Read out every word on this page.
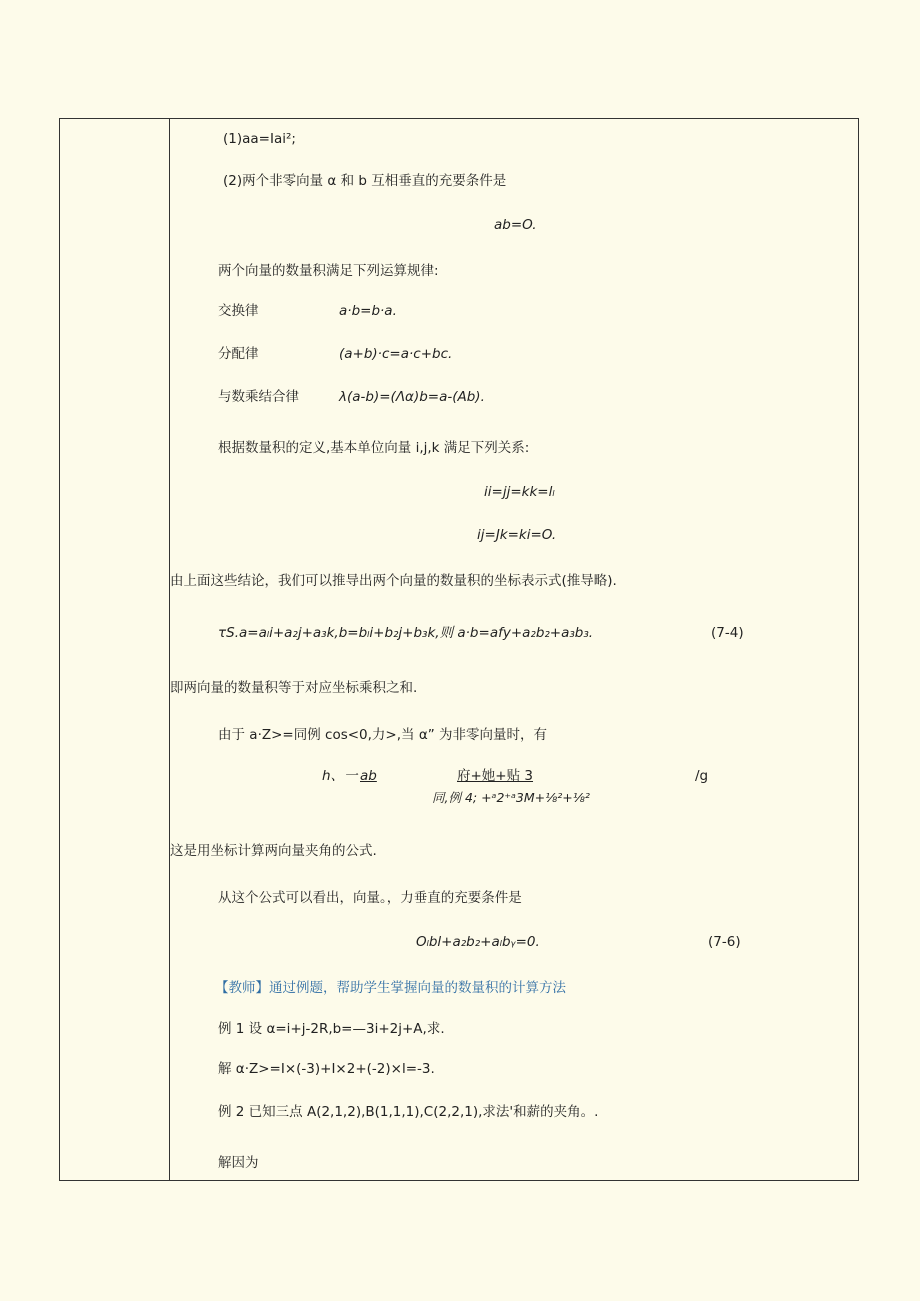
(1)aa=Iai²;
(2)两个非零向量 α 和 b 互相垂直的充要条件是
ab=O.
两个向量的数量积满足下列运算规律:
交换律	a·b=b·a.
分配律	(a+b)·c=a·c+bc.
与数乘结合律	λ(a-b)=(Λα)b=a-(Ab).
根据数量积的定义,基本单位向量 i,j,k 满足下列关系:
ii=jj=kk=lₗ
ij=Jk=ki=O.
由上面这些结论，我们可以推导出两个向量的数量积的坐标表示式(推导略).
τS.a=aₗi+a₂j+a₃k,b=bₗi+b₂j+b₃k,则 a·b=afy+a₂b₂+a₃b₃.	(7-4)
即两向量的数量积等于对应坐标乘积之和.
由于 a·Z>=同例 cos<0,力>,当 α” 为非零向量时，有
h、一 ab	府+她+贴 3	/g
同,例 4; +ᵃ2⁺ᵃ3M+⅛²+⅛²
这是用坐标计算两向量夹角的公式.
从这个公式可以看出，向量。，力垂直的充要条件是
Oₗbl+a₂b₂+aₗbᵧ=0.	(7-6)
【教师】通过例题，帮助学生掌握向量的数量积的计算方法
例 1 设 α=i+j-2R,b=—3i+2j+A,求.
解 α·Z>=I×(-3)+I×2+(-2)×l=-3.
例 2 已知三点 A(2,1,2),B(1,1,1),C(2,2,1),求法'和薪的夹角。.
解因为
